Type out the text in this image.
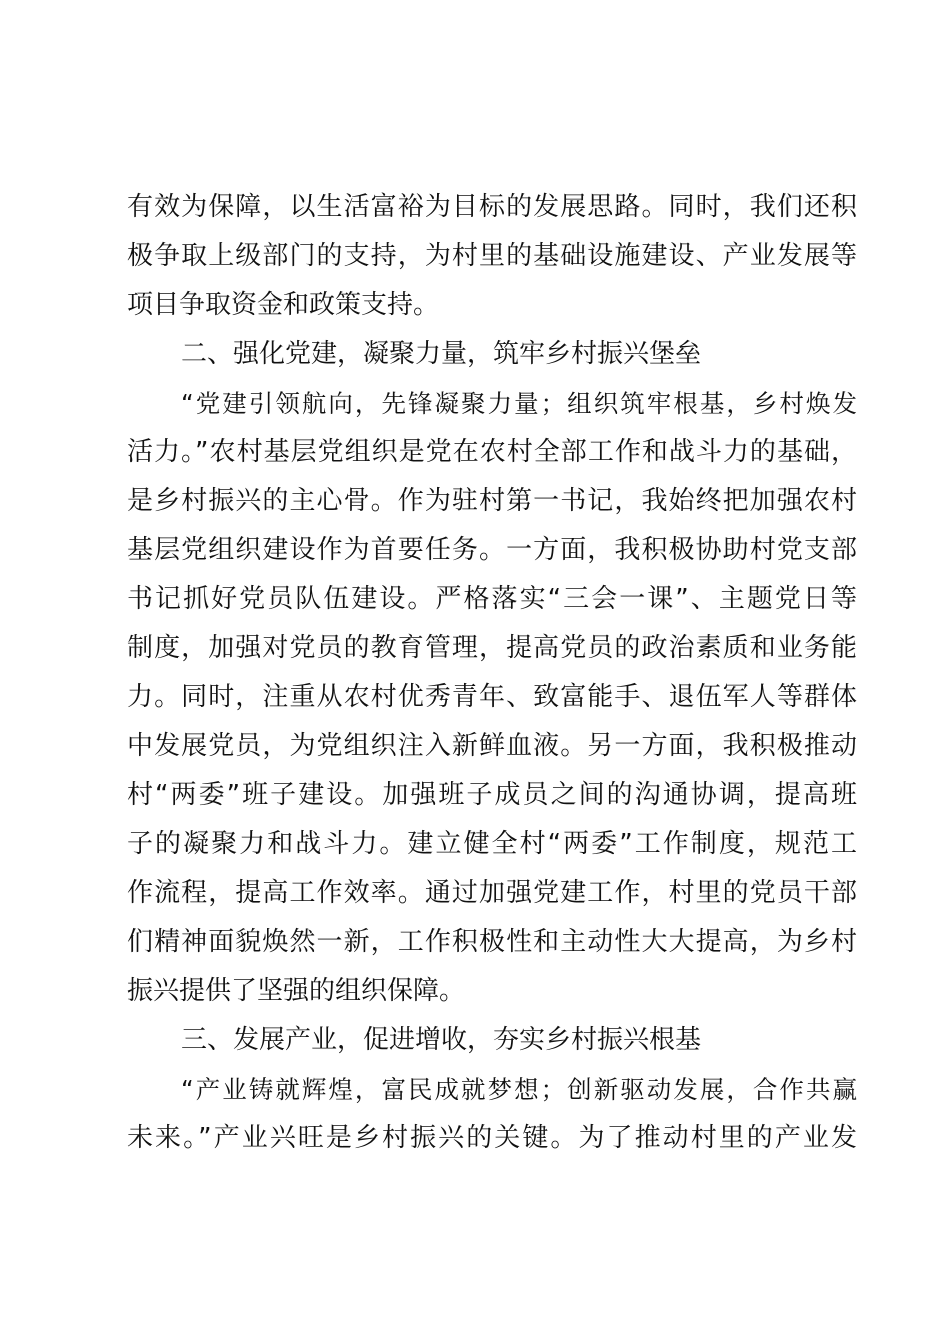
有效为保障，以生活富裕为目标的发展思路。同时，我们还积
极争取上级部门的支持，为村里的基础设施建设、产业发展等
项目争取资金和政策支持。
二、强化党建，凝聚力量，筑牢乡村振兴堡垒
“党建引领航向，先锋凝聚力量；组织筑牢根基，乡村焕发
活力。”农村基层党组织是党在农村全部工作和战斗力的基础，
是乡村振兴的主心骨。作为驻村第一书记，我始终把加强农村
基层党组织建设作为首要任务。一方面，我积极协助村党支部
书记抓好党员队伍建设。严格落实“三会一课”、主题党日等
制度，加强对党员的教育管理，提高党员的政治素质和业务能
力。同时，注重从农村优秀青年、致富能手、退伍军人等群体
中发展党员，为党组织注入新鲜血液。另一方面，我积极推动
村“两委”班子建设。加强班子成员之间的沟通协调，提高班
子的凝聚力和战斗力。建立健全村“两委”工作制度，规范工
作流程，提高工作效率。通过加强党建工作，村里的党员干部
们精神面貌焕然一新，工作积极性和主动性大大提高，为乡村
振兴提供了坚强的组织保障。
三、发展产业，促进增收，夯实乡村振兴根基
“产业铸就辉煌，富民成就梦想；创新驱动发展，合作共赢
未来。”产业兴旺是乡村振兴的关键。为了推动村里的产业发
